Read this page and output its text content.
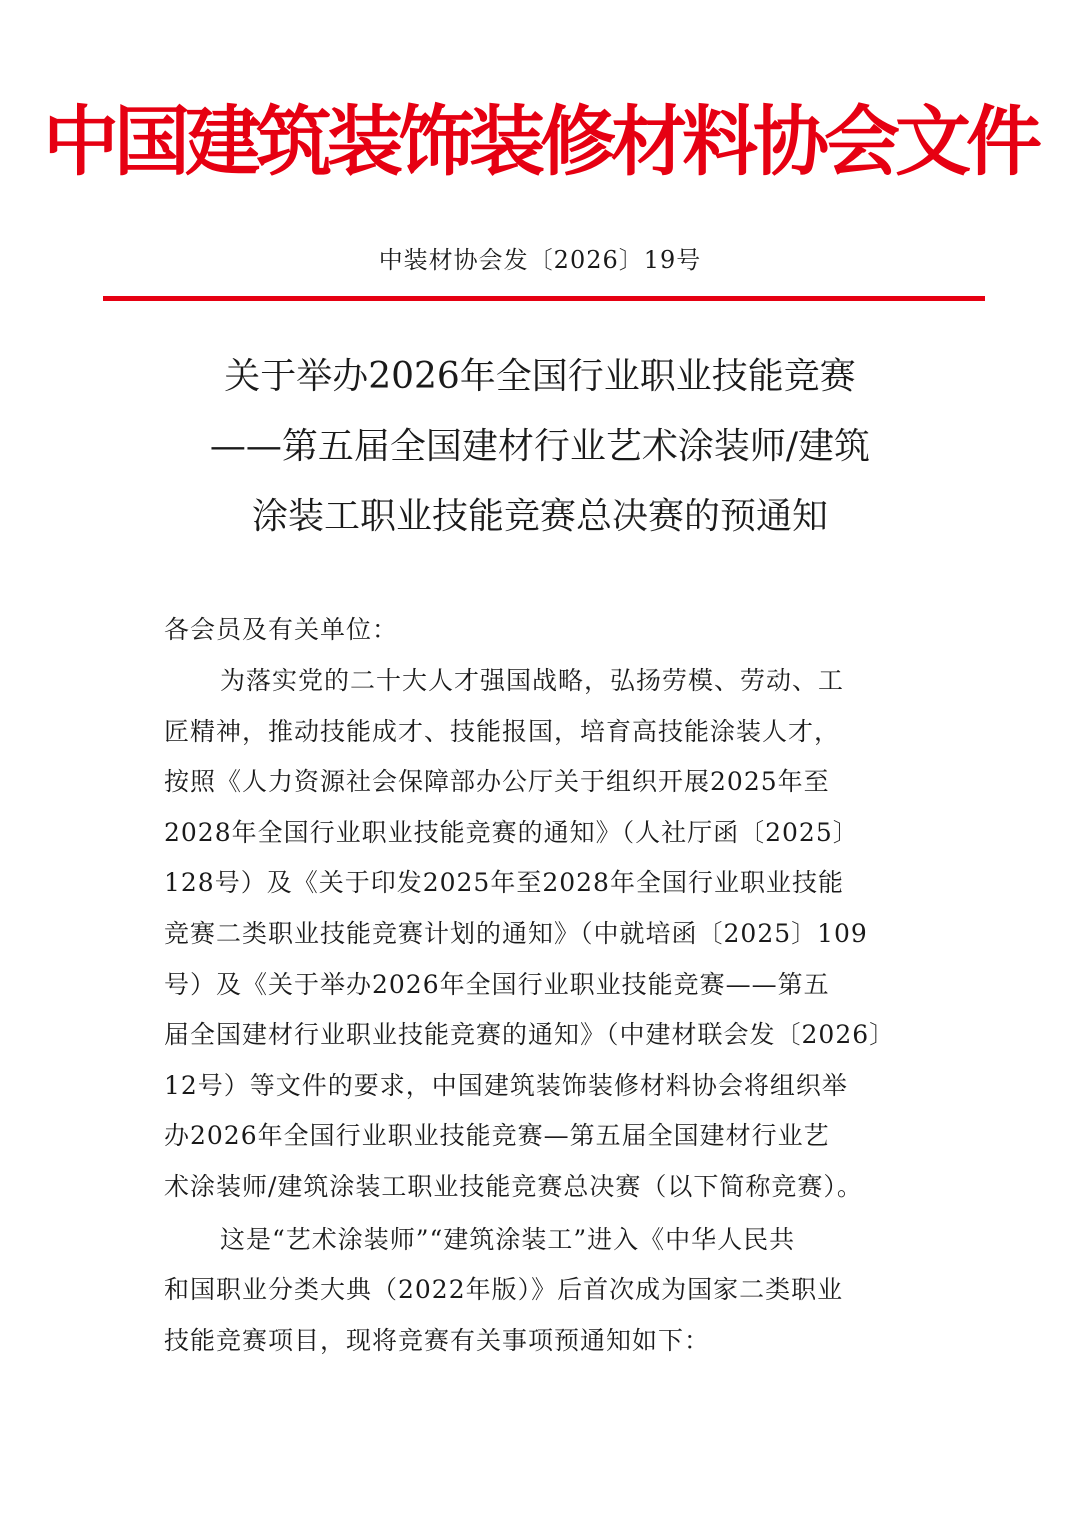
中国建筑装饰装修材料协会文件
中装材协会发〔2026〕19号
关于举办2026年全国行业职业技能竞赛
——第五届全国建材行业艺术涂装师/建筑
涂装工职业技能竞赛总决赛的预通知
各会员及有关单位：
为落实党的二十大人才强国战略，弘扬劳模、劳动、工
匠精神，推动技能成才、技能报国，培育高技能涂装人才，
按照《人力资源社会保障部办公厅关于组织开展2025年至
2028年全国行业职业技能竞赛的通知》（人社厅函〔2025〕
128号）及《关于印发2025年至2028年全国行业职业技能
竞赛二类职业技能竞赛计划的通知》（中就培函〔2025〕109
号）及《关于举办2026年全国行业职业技能竞赛——第五
届全国建材行业职业技能竞赛的通知》（中建材联会发〔2026〕
12号）等文件的要求，中国建筑装饰装修材料协会将组织举
办2026年全国行业职业技能竞赛—第五届全国建材行业艺
术涂装师/建筑涂装工职业技能竞赛总决赛（以下简称竞赛）。
这是“艺术涂装师”“建筑涂装工”进入《中华人民共
和国职业分类大典（2022年版）》后首次成为国家二类职业
技能竞赛项目，现将竞赛有关事项预通知如下：
